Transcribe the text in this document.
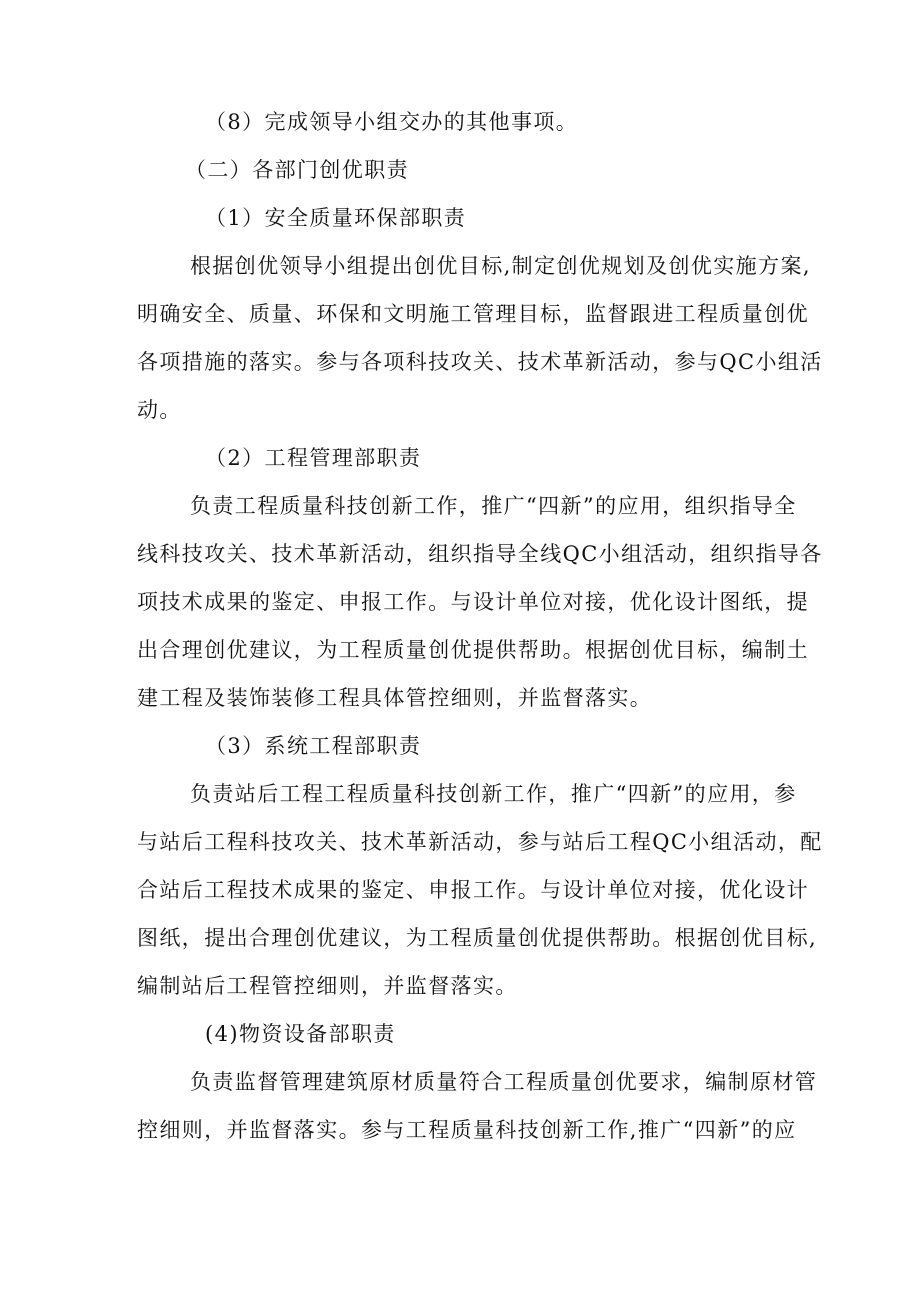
（8）完成领导小组交办的其他事项。
（二）各部门创优职责
（1）安全质量环保部职责
根据创优领导小组提出创优目标,制定创优规划及创优实施方案,
明确安全、质量、环保和文明施工管理目标，监督跟进工程质量创优
各项措施的落实。参与各项科技攻关、技术革新活动，参与QC小组活
动。
（2）工程管理部职责
负责工程质量科技创新工作，推广“四新”的应用，组织指导全
线科技攻关、技术革新活动，组织指导全线QC小组活动，组织指导各
项技术成果的鉴定、申报工作。与设计单位对接，优化设计图纸，提
出合理创优建议，为工程质量创优提供帮助。根据创优目标，编制土
建工程及装饰装修工程具体管控细则，并监督落实。
（3）系统工程部职责
负责站后工程工程质量科技创新工作，推广“四新”的应用，参
与站后工程科技攻关、技术革新活动，参与站后工程QC小组活动，配
合站后工程技术成果的鉴定、申报工作。与设计单位对接，优化设计
图纸，提出合理创优建议，为工程质量创优提供帮助。根据创优目标,
编制站后工程管控细则，并监督落实。
(4)物资设备部职责
负责监督管理建筑原材质量符合工程质量创优要求，编制原材管
控细则，并监督落实。参与工程质量科技创新工作,推广“四新”的应
